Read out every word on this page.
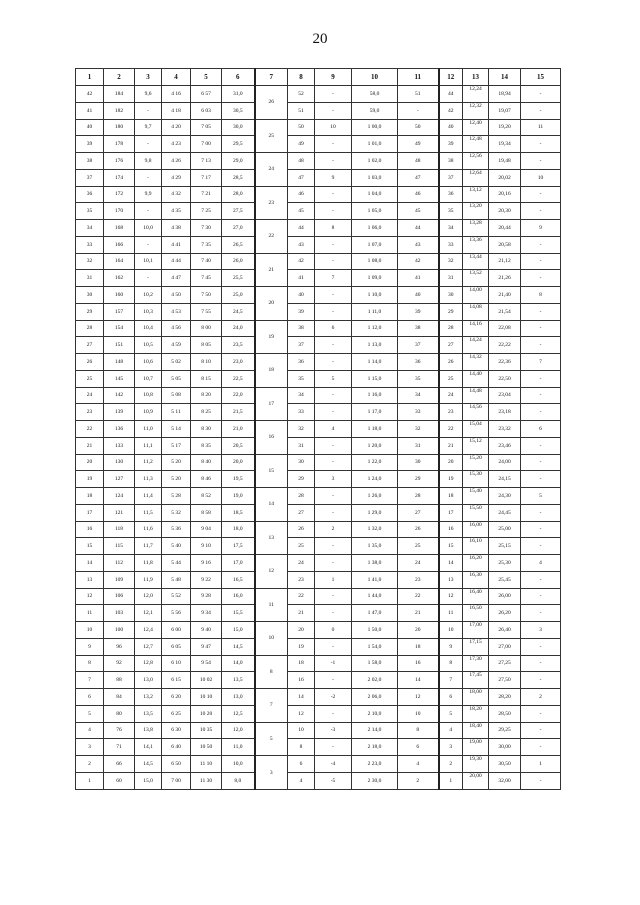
20
1	2	3	4	5	6	7	8	9	10	11	12	13	14	15
42	184	9,6	4 16	6 57	31,0	26	52	-	58,0	51	44	12,24	18,94	-
41	182	-	4 18	6 03	30,5		51	-	59,0	-	42	12,32	19,07	-
40	180	9,7	4 20	7 05	30,0	25	50	10	1 00,0	50	40	12,40	19,20	11
39	178	-	4 23	7 00	29,5		49	-	1 01,0	49	39	12,48	19,34	-
38	176	9,8	4 26	7 13	29,0	24	48	-	1 02,0	48	38	12,56	19,48	-
37	174	-	4 29	7 17	28,5		47	9	1 03,0	47	37	12,64	20,02	10
36	172	9,9	4 32	7 21	28,0	23	46	-	1 04,0	46	36	13,12	20,16	-
35	170	-	4 35	7 25	27,5		45	-	1 05,0	45	35	13,20	20,30	-
34	168	10,0	4 38	7 30	27,0	22	44	8	1 06,0	44	34	13,28	20,44	9
33	166	-	4 41	7 35	26,5		43	-	1 07,0	43	33	13,36	20,58	-
32	164	10,1	4 44	7 40	26,0	21	42	-	1 08,0	42	32	13,44	21,12	-
31	162	-	4 47	7 45	25,5		41	7	1 09,0	41	31	13,52	21,26	-
30	160	10,2	4 50	7 50	25,0	20	40	-	1 10,0	40	30	14,00	21,40	8
29	157	10,3	4 53	7 55	24,5		39	-	1 11,0	39	29	14,08	21,54	-
28	154	10,4	4 56	8 00	24,0	19	38	6	1 12,0	38	28	14,16	22,08	-
27	151	10,5	4 59	8 05	23,5		37	-	1 13,0	37	27	14,24	22,22	-
26	148	10,6	5 02	8 10	23,0	18	36	-	1 14,0	36	26	14,32	22,36	7
25	145	10,7	5 05	8 15	22,5		35	5	1 15,0	35	25	14,40	22,50	-
24	142	10,8	5 08	8 20	22,0	17	34	-	1 16,0	34	24	14,48	23,04	-
23	139	10,9	5 11	8 25	21,5		33	-	1 17,0	33	23	14,56	23,18	-
22	136	11,0	5 14	8 30	21,0	16	32	4	1 18,0	32	22	15,04	23,32	6
21	133	11,1	5 17	8 35	20,5		31	-	1 20,0	31	21	15,12	23,46	-
20	130	11,2	5 20	8 40	20,0	15	30	-	1 22,0	30	20	15,20	24,00	-
19	127	11,3	5 20	8 46	19,5		29	3	1 24,0	29	19	15,30	24,15	-
18	124	11,4	5 28	8 52	19,0	14	28	-	1 26,0	28	18	15,40	24,30	5
17	121	11,5	5 32	8 58	18,5		27	-	1 29,0	27	17	15,50	24,45	-
16	118	11,6	5 36	9 04	18,0	13	26	2	1 32,0	26	16	16,00	25,00	-
15	115	11,7	5 40	9 10	17,5		25	-	1 35,0	25	15	16,10	25,15	-
14	112	11,8	5 44	9 16	17,0	12	24	-	1 38,0	24	14	16,20	25,30	4
13	109	11,9	5 48	9 22	16,5		23	1	1 41,0	23	13	16,30	25,45	-
12	106	12,0	5 52	9 28	16,0	11	22	-	1 44,0	22	12	16,40	26,00	-
11	103	12,1	5 56	9 34	15,5		21	-	1 47,0	21	11	16,50	26,20	-
10	100	12,4	6 00	9 40	15,0	10	20	0	1 50,0	20	10	17,00	26,40	3
9	96	12,7	6 05	9 47	14,5		19	-	1 54,0	18	9	17,15	27,00	-
8	92	12,8	6 10	9 54	14,0	8	18	-1	1 58,0	16	8	17,30	27,25	-
7	88	13,0	6 15	10 02	13,5		16	-	2 02,0	14	7	17,45	27,50	-
6	84	13,2	6 20	10 10	13,0	7	14	-2	2 06,0	12	6	18,00	28,20	2
5	80	13,5	6 25	10 20	12,5		12	-	2 10,0	10	5	18,20	28,50	-
4	76	13,8	6 30	10 35	12,0	5	10	-3	2 14,0	8	4	18,40	29,25	-
3	71	14,1	6 40	10 50	11,0		8	-	2 18,0	6	3	19,00	30,00	-
2	66	14,5	6 50	11 10	10,0	3	6	-4	2 23,0	4	2	19,30	30,50	1
1	60	15,0	7 00	11 30	8,0		4	-5	2 30,0	2	1	20,00	32,00	-
